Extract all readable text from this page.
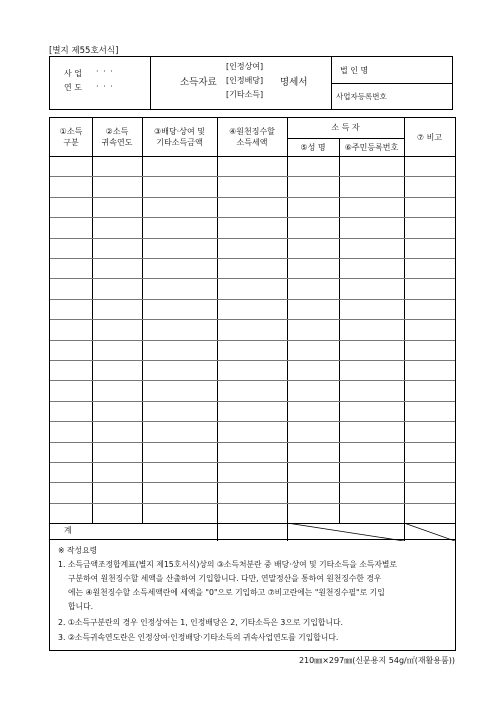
[별지 제55호서식]
사 업
연 도
· · ·
· · ·
[인정상여]
소득자료 [인정배당] 명세서
[기타소득]
법 인 명
사업자등록번호
①소득
구분
②소득
귀속연도
③배당·상여 및
기타소득금액
④원천징수할
소득세액
소 득 자
⑤성 명	⑥주민등록번호
⑦ 비고
계
※ 작성요령
1. 소득금액조정합계표(별지 제15호서식)상의 ③소득처분란 중 배당·상여 및 기타소득을 소득자별로
구분하여 원천징수할 세액을 산출하여 기입합니다. 다만, 연말정산을 통하여 원천징수한 경우
에는 ④원천징수할 소득세액란에 세액을 "0"으로 기입하고 ⑦비고란에는 "원천징수필"로 기입
합니다.
2. ①소득구분란의 경우 인정상여는 1, 인정배당은 2, 기타소득은 3으로 기입합니다.
3. ②소득귀속연도란은 인정상여·인정배당·기타소득의 귀속사업연도를 기입합니다.
210㎜×297㎜(신문용지 54g/㎡(재활용품))
